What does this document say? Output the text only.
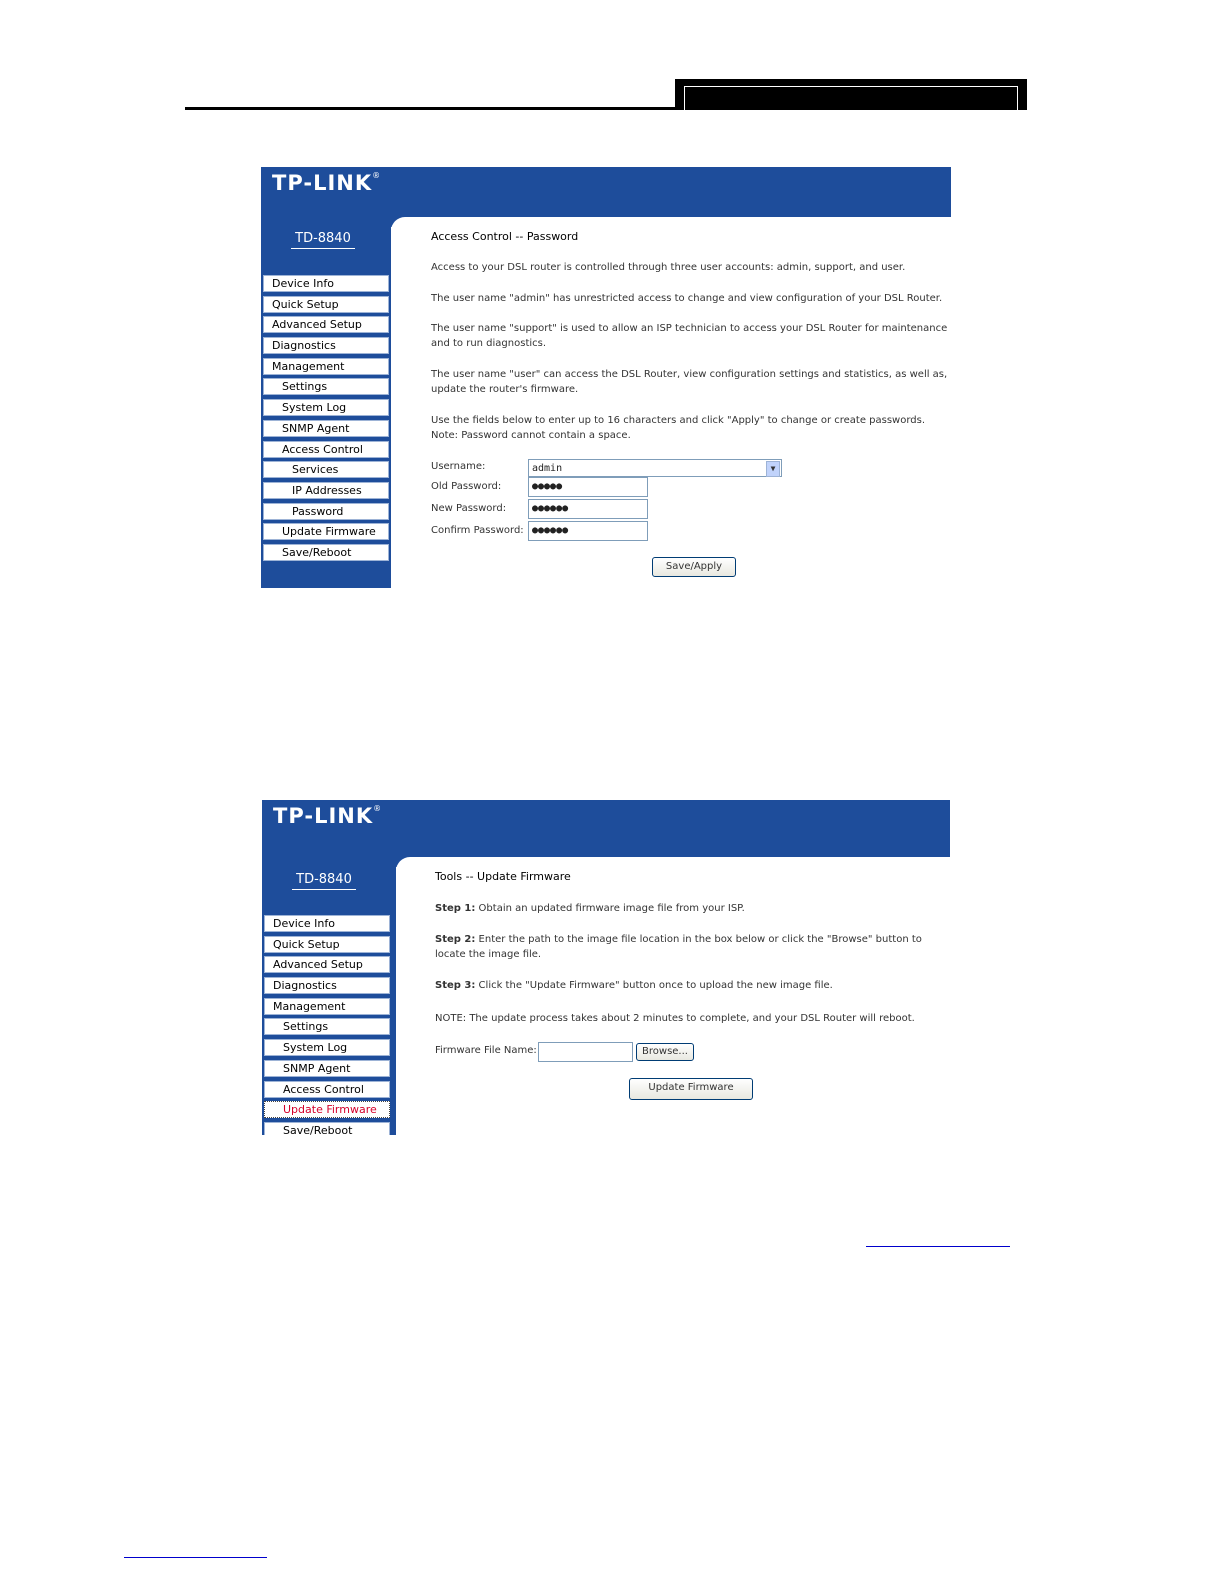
TP-LINK®
TD-8840
Device Info
Quick Setup
Advanced Setup
Diagnostics
Management
Settings
System Log
SNMP Agent
Access Control
Services
IP Addresses
Password
Update Firmware
Save/Reboot
Access Control -- Password
Access to your DSL router is controlled through three user accounts: admin, support, and user.
The user name "admin" has unrestricted access to change and view configuration of your DSL Router.
The user name "support" is used to allow an ISP technician to access your DSL Router for maintenance and to run diagnostics.
The user name "user" can access the DSL Router, view configuration settings and statistics, as well as, update the router's firmware.
Use the fields below to enter up to 16 characters and click "Apply" to change or create passwords. Note: Password cannot contain a space.
Username:	admin	▼
Old Password:	●●●●●
New Password:	●●●●●●
Confirm Password: ●●●●●●
Save/Apply
TP-LINK®
TD-8840
Device Info
Quick Setup
Advanced Setup
Diagnostics
Management
Settings
System Log
SNMP Agent
Access Control
Update Firmware
Save/Reboot
Tools -- Update Firmware
Step 1: Obtain an updated firmware image file from your ISP.
Step 2: Enter the path to the image file location in the box below or click the "Browse" button to locate the image file.
Step 3: Click the "Update Firmware" button once to upload the new image file.
NOTE: The update process takes about 2 minutes to complete, and your DSL Router will reboot.
Firmware File Name:	Browse...
Update Firmware
